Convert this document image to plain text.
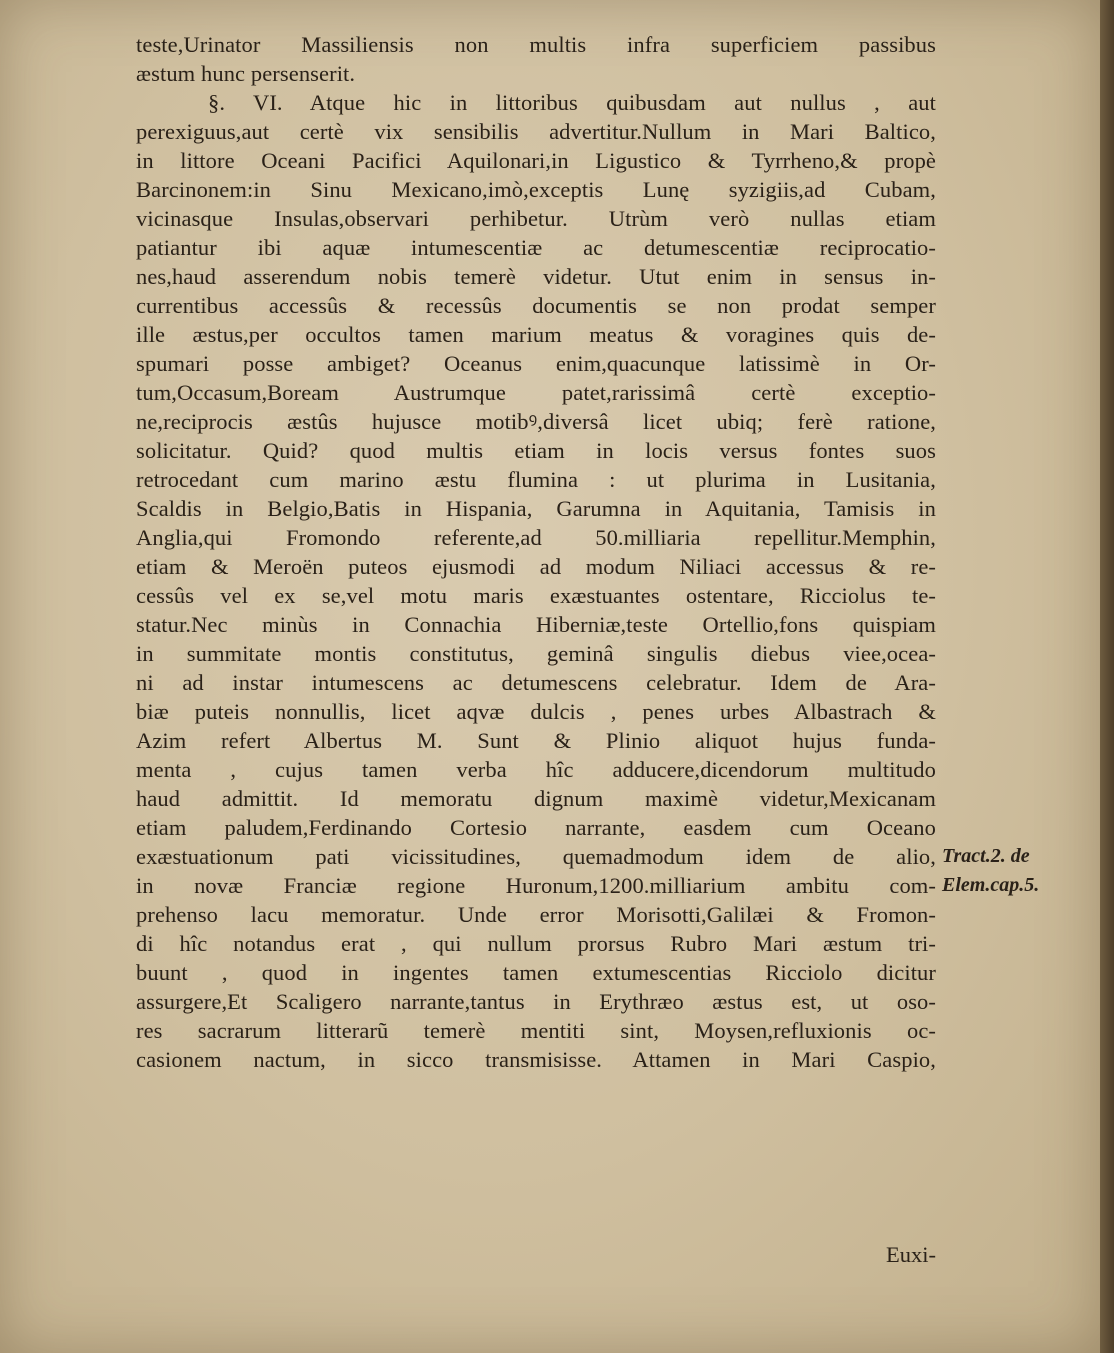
teste,Urinator Massiliensis non multis infra superficiem passibus
æstum hunc persenserit.
§. VI. Atque hic in littoribus quibusdam aut nullus , aut
perexiguus,aut certè vix sensibilis advertitur.Nullum in Mari Baltico,
in littore Oceani Pacifici Aquilonari,in Ligustico & Tyrrheno,& propè
Barcinonem:in Sinu Mexicano,imò,exceptis Lunę syzigiis,ad Cubam,
vicinasque Insulas,observari perhibetur. Utrùm verò nullas etiam
patiantur ibi aquæ intumescentiæ ac detumescentiæ reciprocatio-
nes,haud asserendum nobis temerè videtur. Utut enim in sensus in-
currentibus accessûs & recessûs documentis se non prodat semper
ille æstus,per occultos tamen marium meatus & voragines quis de-
spumari posse ambiget? Oceanus enim,quacunque latissimè in Or-
tum,Occasum,Boream Austrumque patet,rarissimâ certè exceptio-
ne,reciprocis æstûs hujusce motibꝰ,diversâ licet ubiq; ferè ratione,
solicitatur. Quid? quod multis etiam in locis versus fontes suos
retrocedant cum marino æstu flumina : ut plurima in Lusitania,
Scaldis in Belgio,Batis in Hispania, Garumna in Aquitania, Tamisis in
Anglia,qui Fromondo referente,ad 50.milliaria repellitur.Memphin,
etiam & Meroën puteos ejusmodi ad modum Niliaci accessus & re-
cessûs vel ex se,vel motu maris exæstuantes ostentare, Ricciolus te-
statur.Nec minùs in Connachia Hiberniæ,teste Ortellio,fons quispiam
in summitate montis constitutus, geminâ singulis diebus viee,ocea-
ni ad instar intumescens ac detumescens celebratur. Idem de Ara-
biæ puteis nonnullis, licet aqvæ dulcis , penes urbes Albastrach &
Azim refert Albertus M. Sunt & Plinio aliquot hujus funda-
menta , cujus tamen verba hîc adducere,dicendorum multitudo
haud admittit. Id memoratu dignum maximè videtur,Mexicanam
etiam paludem,Ferdinando Cortesio narrante, easdem cum Oceano
exæstuationum pati vicissitudines, quemadmodum idem de alio,
in novæ Franciæ regione Huronum,1200.milliarium ambitu com-
prehenso lacu memoratur. Unde error Morisotti,Galilæi & Fromon-
di hîc notandus erat , qui nullum prorsus Rubro Mari æstum tri-
buunt , quod in ingentes tamen extumescentias Ricciolo dicitur
assurgere,Et Scaligero narrante,tantus in Erythræo æstus est, ut oso-
res sacrarum litterarũ temerè mentiti sint, Moysen,refluxionis oc-
casionem nactum, in sicco transmisisse. Attamen in Mari Caspio,
Tract.2. de
Elem.cap.5.
Euxi-
